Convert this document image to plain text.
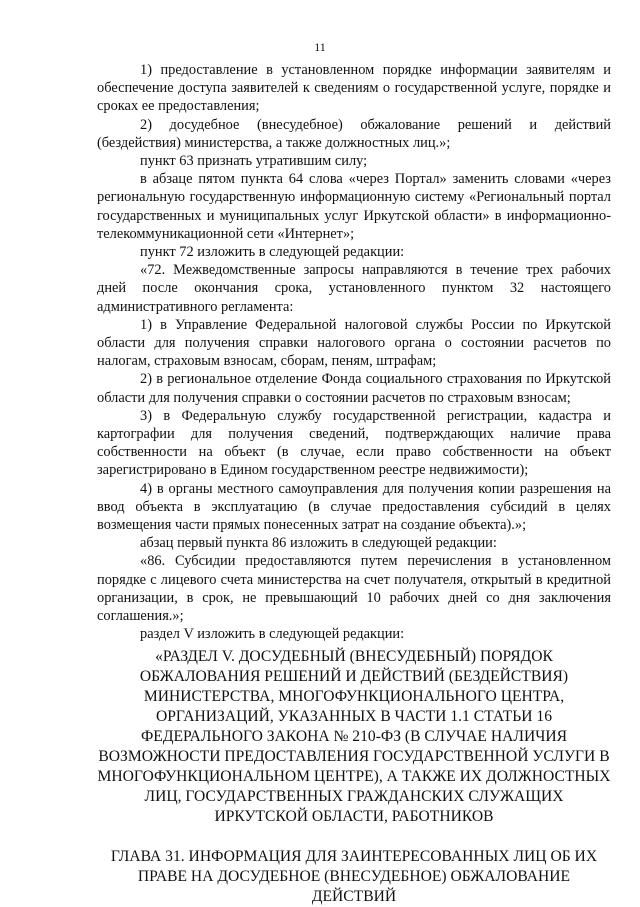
11

1) предоставление в установленном порядке информации заявителям и обеспечение доступа заявителей к сведениям о государственной услуге, порядке и сроках ее предоставления;

2) досудебное (внесудебное) обжалование решений и действий (бездействия) министерства, а также должностных лиц.»;

пункт 63 признать утратившим силу;

в абзаце пятом пункта 64 слова «через Портал» заменить словами «через региональную государственную информационную систему «Региональный портал государственных и муниципальных услуг Иркутской области» в информационно-телекоммуникационной сети «Интернет»;

пункт 72 изложить в следующей редакции:

«72. Межведомственные запросы направляются в течение трех рабочих дней после окончания срока, установленного пунктом 32 настоящего административного регламента:

1) в Управление Федеральной налоговой службы России по Иркутской области для получения справки налогового органа о состоянии расчетов по налогам, страховым взносам, сборам, пеням, штрафам;

2) в региональное отделение Фонда социального страхования по Иркутской области для получения справки о состоянии расчетов по страховым взносам;

3) в Федеральную службу государственной регистрации, кадастра и картографии для получения сведений, подтверждающих наличие права собственности на объект (в случае, если право собственности на объект зарегистрировано в Едином государственном реестре недвижимости);

4) в органы местного самоуправления для получения копии разрешения на ввод объекта в эксплуатацию (в случае предоставления субсидий в целях возмещения части прямых понесенных затрат на создание объекта).»;

абзац первый пункта 86 изложить в следующей редакции:

«86. Субсидии предоставляются путем перечисления в установленном порядке с лицевого счета министерства на счет получателя, открытый в кредитной организации, в срок, не превышающий 10 рабочих дней со дня заключения соглашения.»;

раздел V изложить в следующей редакции:

«РАЗДЕЛ V. ДОСУДЕБНЫЙ (ВНЕСУДЕБНЫЙ) ПОРЯДОК
ОБЖАЛОВАНИЯ РЕШЕНИЙ И ДЕЙСТВИЙ (БЕЗДЕЙСТВИЯ) МИНИСТЕРСТВА, МНОГОФУНКЦИОНАЛЬНОГО ЦЕНТРА, ОРГАНИЗАЦИЙ, УКАЗАННЫХ В ЧАСТИ 1.1 СТАТЬИ 16 ФЕДЕРАЛЬНОГО ЗАКОНА № 210-ФЗ (В СЛУЧАЕ НАЛИЧИЯ ВОЗМОЖНОСТИ ПРЕДОСТАВЛЕНИЯ ГОСУДАРСТВЕННОЙ УСЛУГИ В МНОГОФУНКЦИОНАЛЬНОМ ЦЕНТРЕ), А ТАКЖЕ ИХ ДОЛЖНОСТНЫХ ЛИЦ, ГОСУДАРСТВЕННЫХ ГРАЖДАНСКИХ СЛУЖАЩИХ ИРКУТСКОЙ ОБЛАСТИ, РАБОТНИКОВ
ГЛАВА 31. ИНФОРМАЦИЯ ДЛЯ ЗАИНТЕРЕСОВАННЫХ ЛИЦ ОБ ИХ ПРАВЕ НА ДОСУДЕБНОЕ (ВНЕСУДЕБНОЕ) ОБЖАЛОВАНИЕ ДЕЙСТВИЙ
